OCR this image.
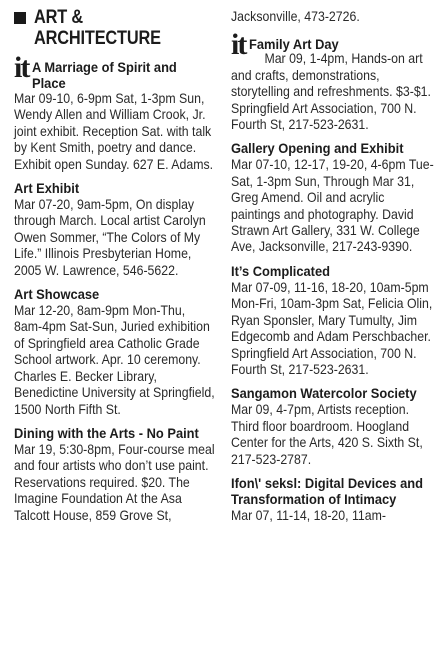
ART &
ARCHITECTURE
it A Marriage of Spirit and Place
Mar 09-10, 6-9pm Sat, 1-3pm Sun, Wendy Allen and William Crook, Jr. joint exhibit. Reception Sat. with talk by Kent Smith, poetry and dance. Exhibit open Sunday. 627 E. Adams.
Art Exhibit
Mar 07-20, 9am-5pm, On display through March. Local artist Carolyn Owen Sommer, “The Colors of My Life.” Illinois Presbyterian Home, 2005 W. Lawrence, 546-5622.
Art Showcase
Mar 12-20, 8am-9pm Mon-Thu, 8am-4pm Sat-Sun, Juried exhibition of Springfield area Catholic Grade School artwork. Apr. 10 ceremony. Charles E. Becker Library, Benedictine University at Springfield, 1500 North Fifth St.
Dining with the Arts - No Paint
Mar 19, 5:30-8pm, Four-course meal and four artists who don’t use paint. Reservations required. $20. The Imagine Foundation At the Asa Talcott House, 859 Grove St,
Jacksonville, 473-2726.
it Family Art Day
Mar 09, 1-4pm, Hands-on art and crafts, demonstrations, storytelling and refreshments. $3-$1. Springfield Art Association, 700 N. Fourth St, 217-523-2631.
Gallery Opening and Exhibit
Mar 07-10, 12-17, 19-20, 4-6pm Tue-Sat, 1-3pm Sun, Through Mar 31, Greg Amend. Oil and acrylic paintings and photography. David Strawn Art Gallery, 331 W. College Ave, Jacksonville, 217-243-9390.
It’s Complicated
Mar 07-09, 11-16, 18-20, 10am-5pm Mon-Fri, 10am-3pm Sat, Felicia Olin, Ryan Sponsler, Mary Tumulty, Jim Edgecomb and Adam Perschbacher. Springfield Art Association, 700 N. Fourth St, 217-523-2631.
Sangamon Watercolor Society
Mar 09, 4-7pm, Artists reception. Third floor boardroom. Hoogland Center for the Arts, 420 S. Sixth St, 217-523-2787.
Ifon\' seksl: Digital Devices and Transformation of Intimacy
Mar 07, 11-14, 18-20, 11am-
